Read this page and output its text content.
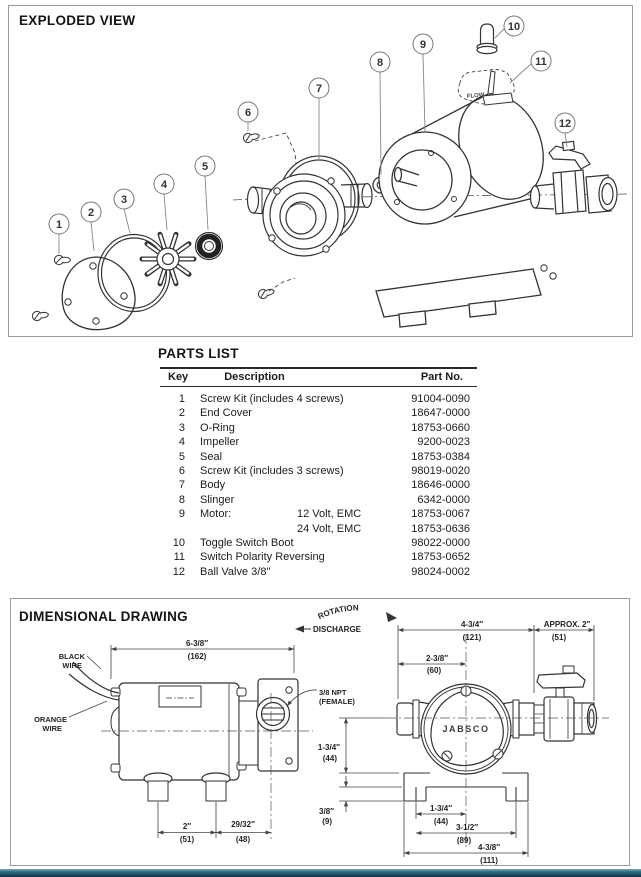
EXPLODED VIEW
FLOW
1
2
3
4
5
6
7
8
9
10
11
12
PARTS LIST
Key	Description	Part No.
1	Screw Kit (includes 4 screws)	91004-0090
2	End Cover	18647-0000
3	O-Ring	18753-0660
4	Impeller	9200-0023
5	Seal	18753-0384
6	Screw Kit (includes 3 screws)	98019-0020
7	Body	18646-0000
8	Slinger	6342-0000
9	Motor:	12 Volt, EMC	18753-0067
24 Volt, EMC	18753-0636
10	Toggle Switch Boot	98022-0000
11	Switch Polarity Reversing	18753-0652
12	Ball Valve 3/8"	98024-0002
DIMENSIONAL DRAWING
6-3/8″
(162)
2″
(51)
29/32″
(48)
BLACK
WIRE
ORANGE
WIRE
3/8 NPT
(FEMALE)
ROTATION
DISCHARGE
JABSCO
4-3/4″
(121)
APPROX. 2″
(51)
2-3/8″
(60)
1-3/4″
(44)
3/8″
(9)
1-3/4″
(44)
3-1/2″
(89)
4-3/8″
(111)
